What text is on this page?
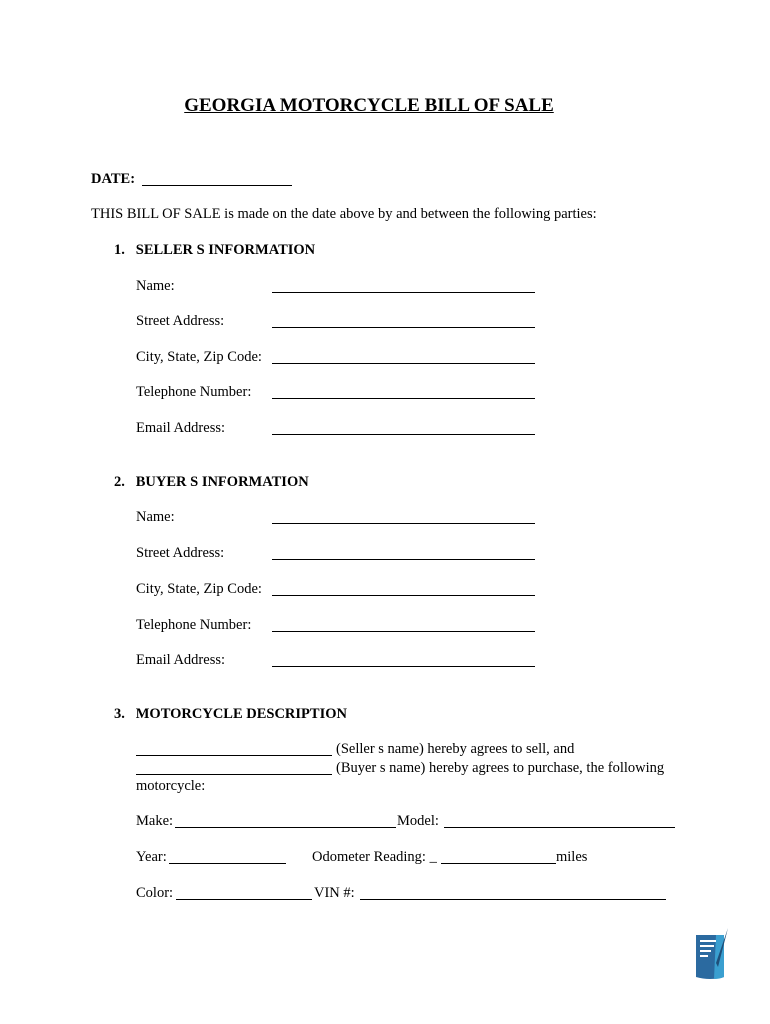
GEORGIA MOTORCYCLE BILL OF SALE
DATE:
THIS BILL OF SALE is made on the date above by and between the following parties:
1.   SELLER S INFORMATION
Name:
Street Address:
City, State, Zip Code:
Telephone Number:
Email Address:
2.   BUYER S INFORMATION
Name:
Street Address:
City, State, Zip Code:
Telephone Number:
Email Address:
3.   MOTORCYCLE DESCRIPTION
(Seller s name) hereby agrees to sell, and
(Buyer s name) hereby agrees to purchase, the following
motorcycle:
Make:	Model:
Year:	Odometer Reading: _	miles
Color:	VIN #:
